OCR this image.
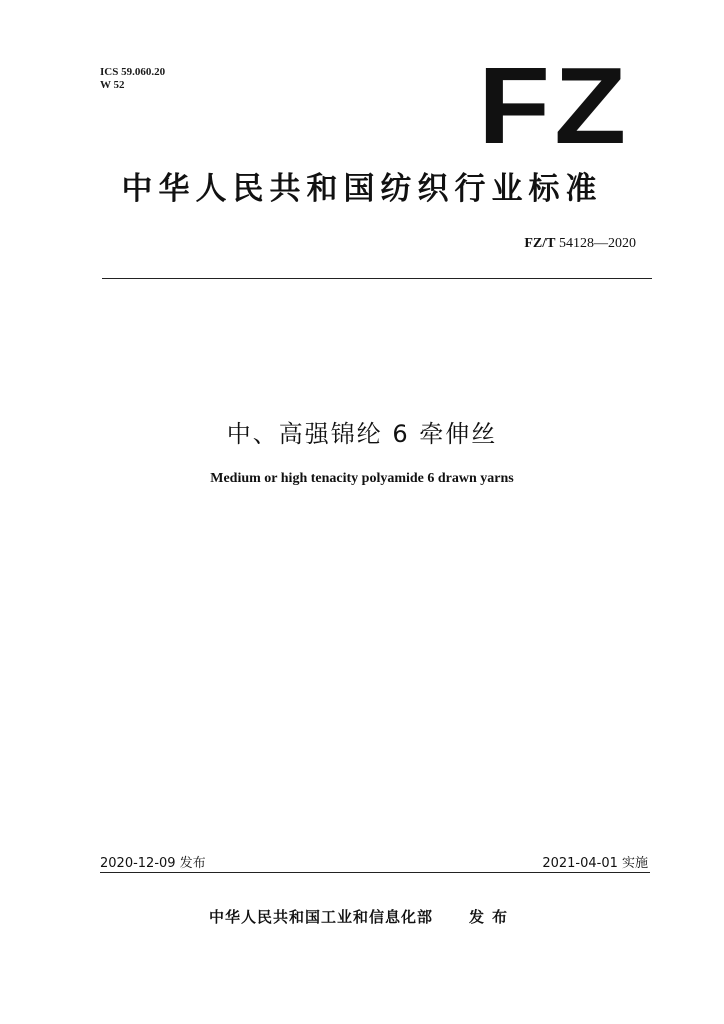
ICS 59.060.20
W 52	FZ
中华人民共和国纺织行业标准
FZ/T 54128—2020
中、高强锦纶 6 牵伸丝
Medium or high tenacity polyamide 6 drawn yarns
2020-12-09 发布	2021-04-01 实施
中华人民共和国工业和信息化部 发布
